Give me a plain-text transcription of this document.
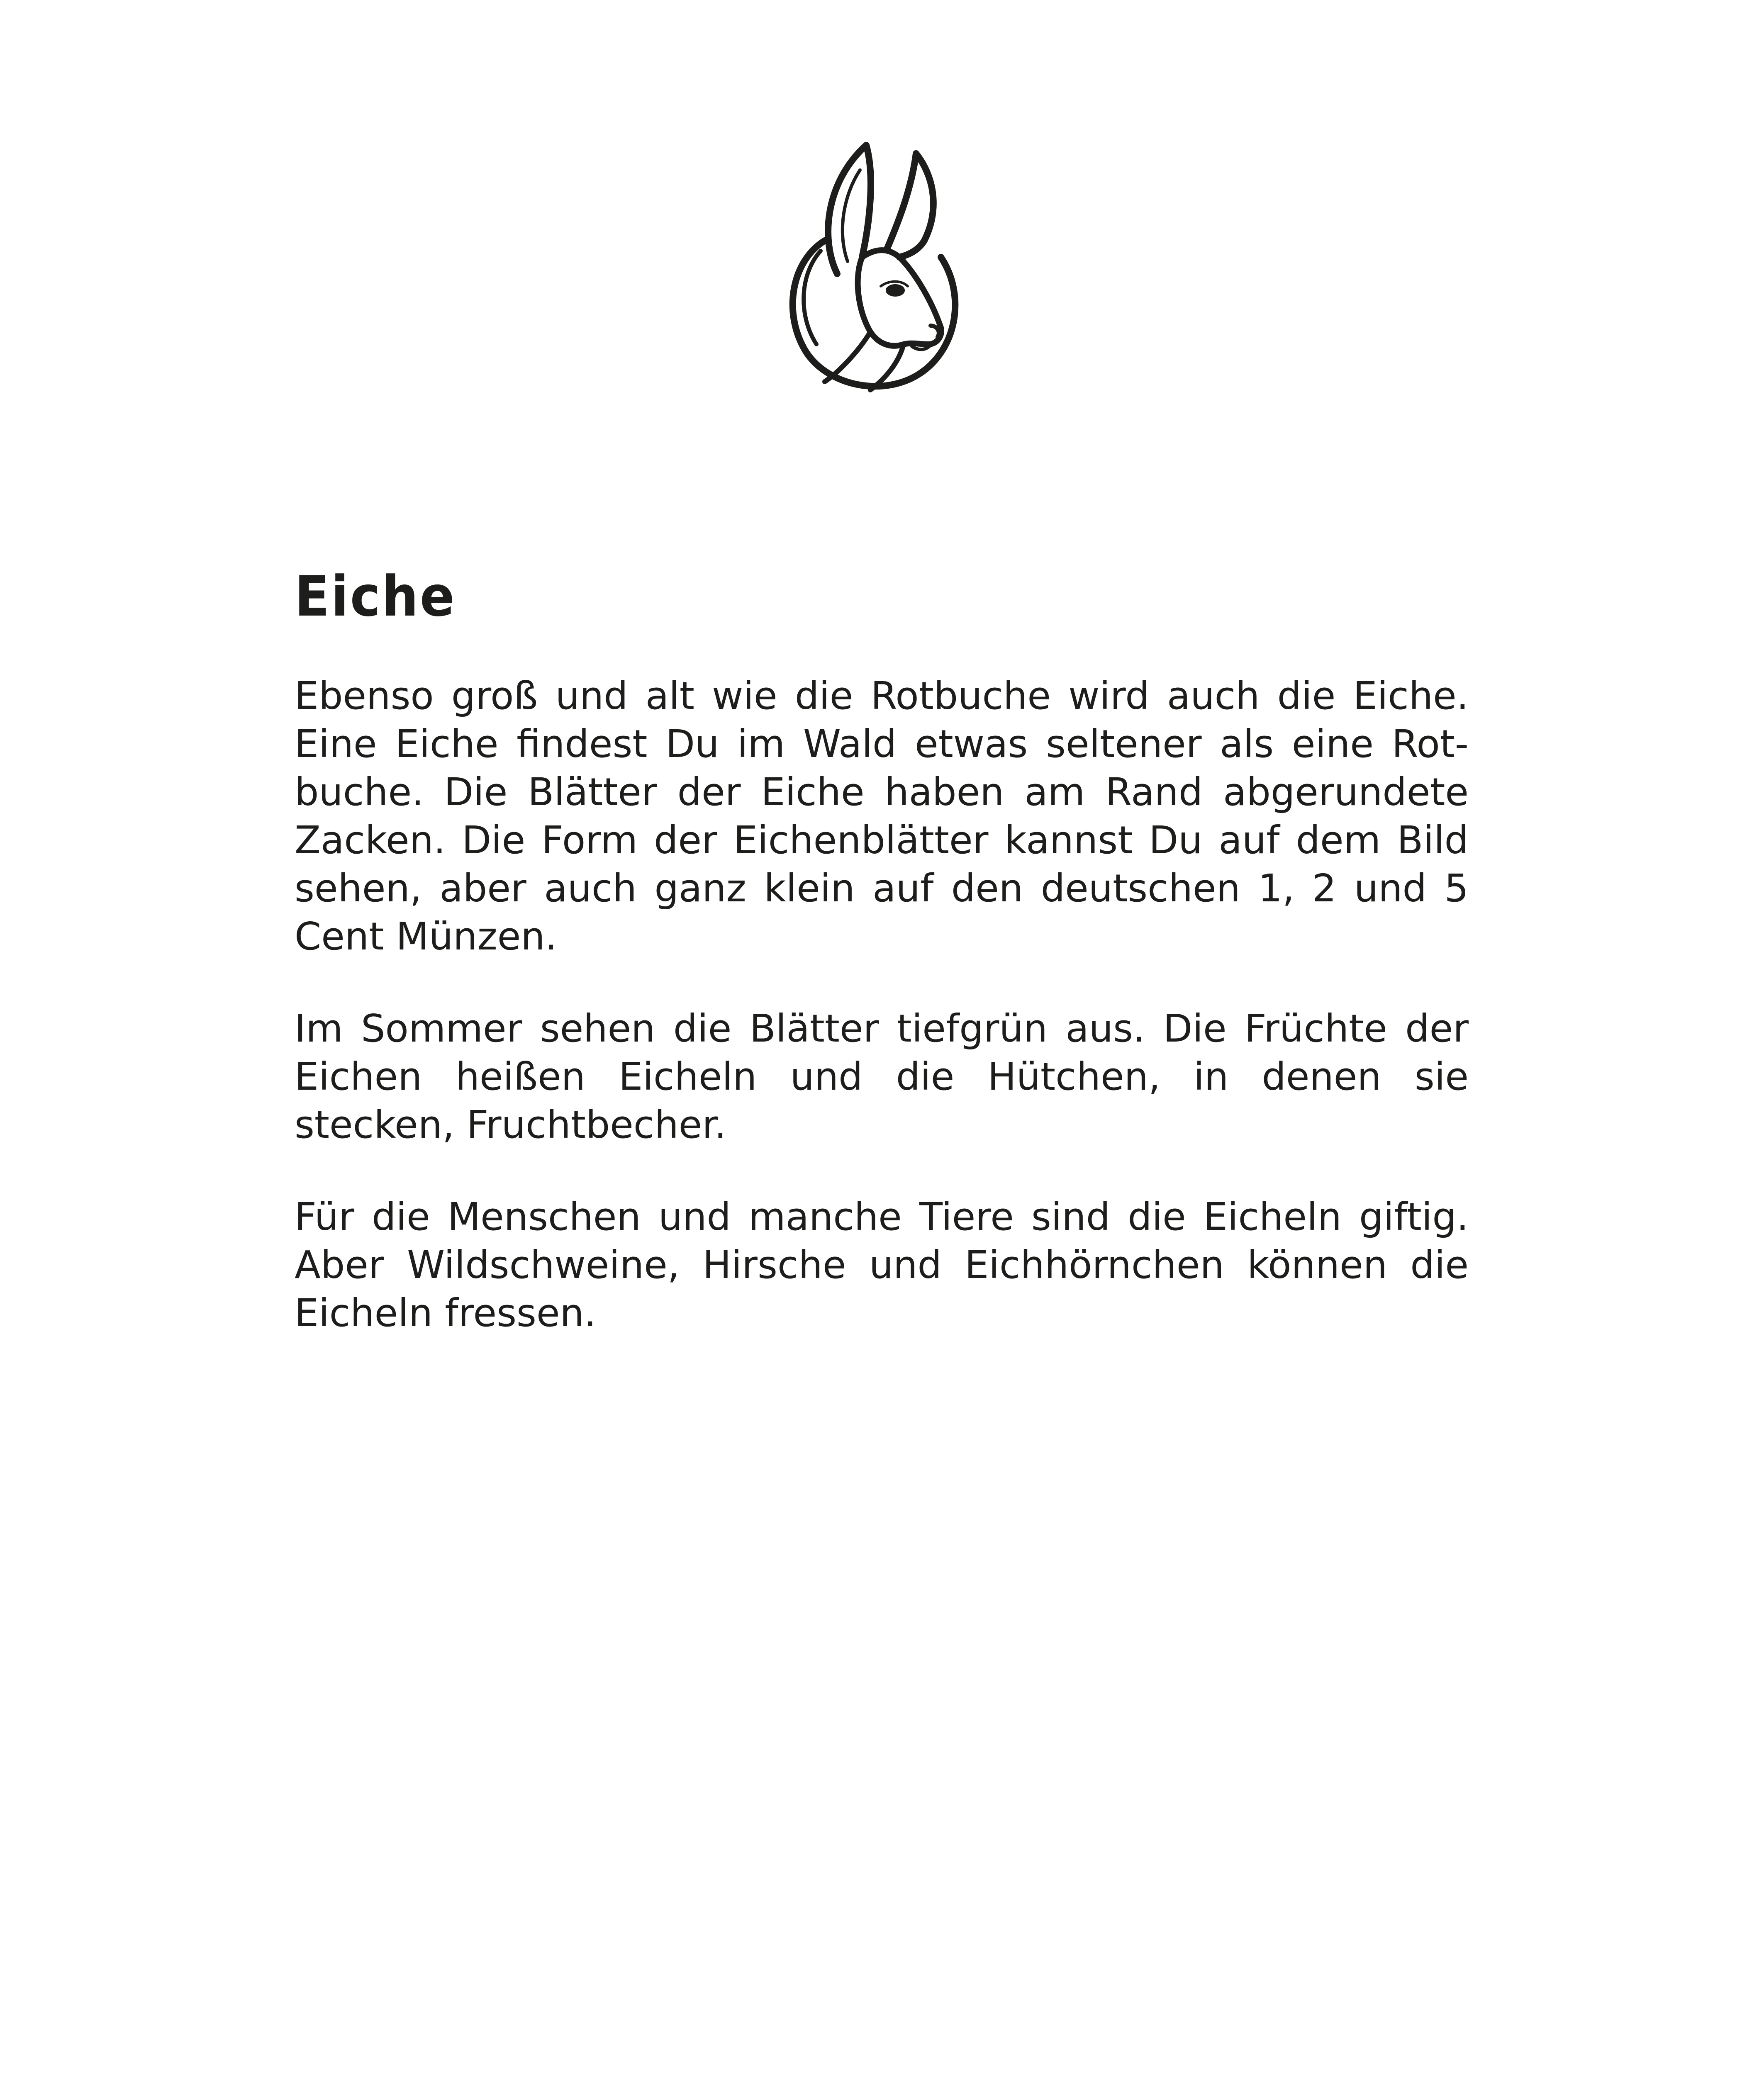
Eiche

Ebenso groß und alt wie die Rotbuche wird auch die Eiche. Eine Eiche findest Du im Wald etwas seltener als eine Rot-buche. Die Blätter der Eiche haben am Rand abgerundete Zacken. Die Form der Eichenblätter kannst Du auf dem Bild sehen, aber auch ganz klein auf den deutschen 1, 2 und 5 Cent Münzen.

Im Sommer sehen die Blätter tiefgrün aus. Die Früchte der Eichen heißen Eicheln und die Hütchen, in denen sie stecken, Fruchtbecher.

Für die Menschen und manche Tiere sind die Eicheln giftig. Aber Wildschweine, Hirsche und Eichhörnchen können die Eicheln fressen.
